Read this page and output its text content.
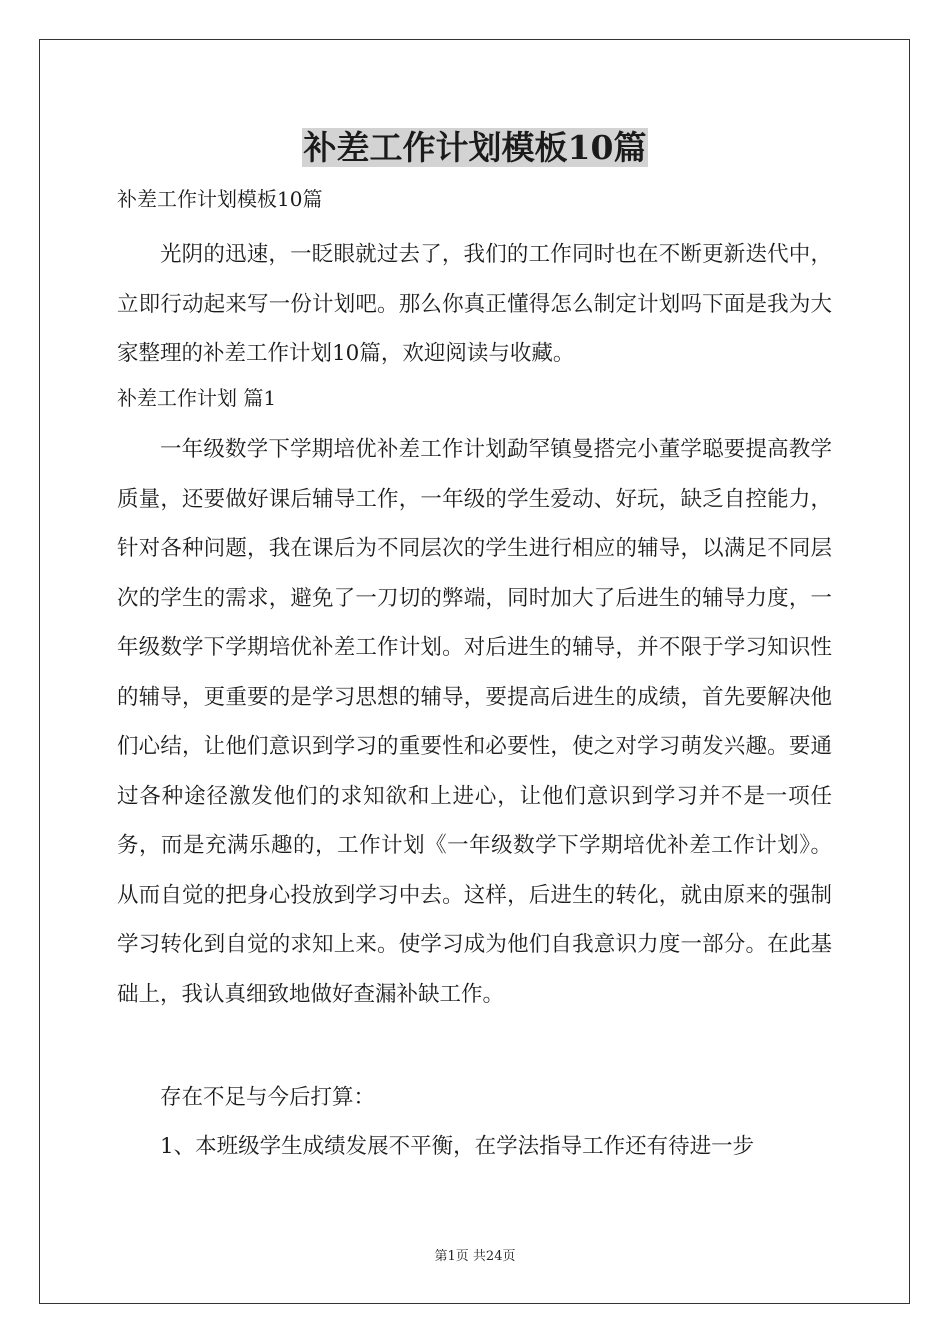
补差工作计划模板10篇

补差工作计划模板10篇

光阴的迅速，一眨眼就过去了，我们的工作同时也在不断更新迭代中，立即行动起来写一份计划吧。那么你真正懂得怎么制定计划吗下面是我为大家整理的补差工作计划10篇，欢迎阅读与收藏。

补差工作计划 篇1

一年级数学下学期培优补差工作计划勐罕镇曼搭完小董学聪要提高教学质量，还要做好课后辅导工作，一年级的学生爱动、好玩，缺乏自控能力，针对各种问题，我在课后为不同层次的学生进行相应的辅导，以满足不同层次的学生的需求，避免了一刀切的弊端，同时加大了后进生的辅导力度，一年级数学下学期培优补差工作计划。对后进生的辅导，并不限于学习知识性的辅导，更重要的是学习思想的辅导，要提高后进生的成绩，首先要解决他们心结，让他们意识到学习的重要性和必要性，使之对学习萌发兴趣。要通过各种途径激发他们的求知欲和上进心，让他们意识到学习并不是一项任务，而是充满乐趣的，工作计划《一年级数学下学期培优补差工作计划》。从而自觉的把身心投放到学习中去。这样，后进生的转化，就由原来的强制学习转化到自觉的求知上来。使学习成为他们自我意识力度一部分。在此基础上，我认真细致地做好查漏补缺工作。

存在不足与今后打算：

1、本班级学生成绩发展不平衡，在学法指导工作还有待进一步

第1页 共24页
